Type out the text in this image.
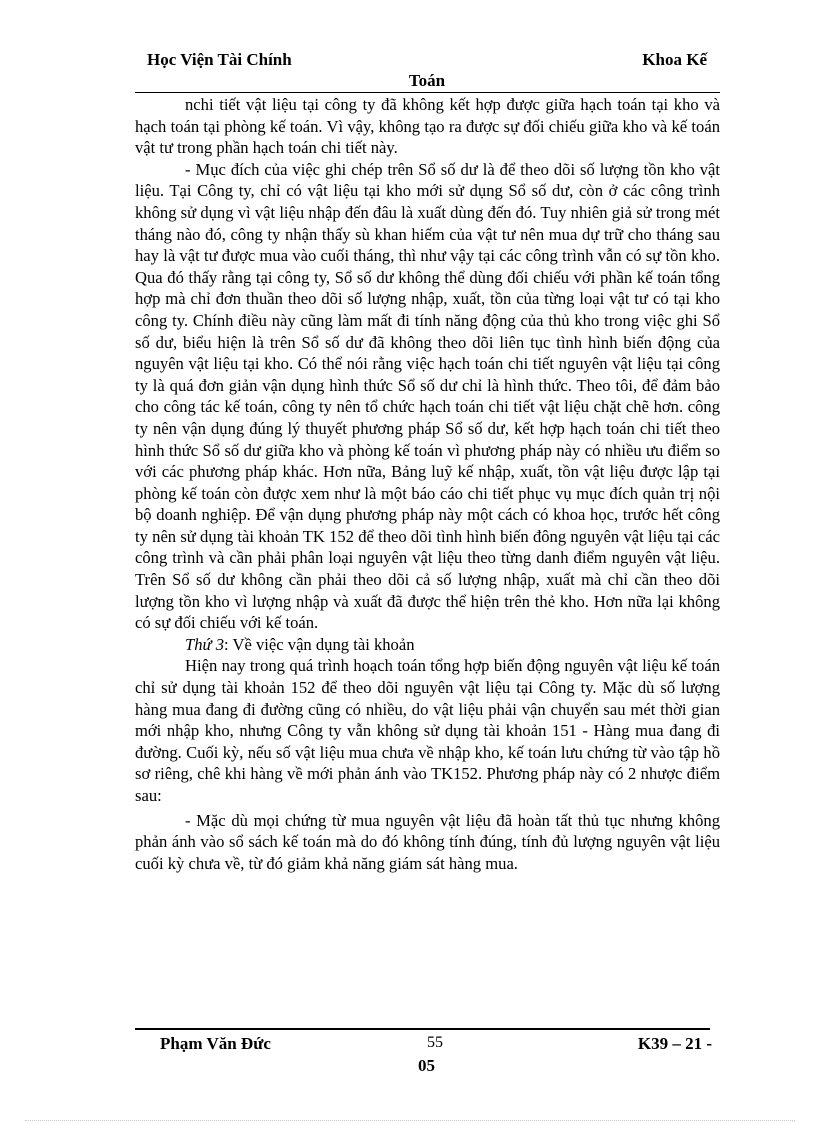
Học Viện Tài Chính	Khoa Kế
Toán

nchi tiết vật liệu tại công ty đã không kết hợp được giữa hạch toán tại kho và hạch toán tại phòng kế toán. Vì vậy, không tạo ra được sự đối chiếu giữa kho và kế toán vật tư trong phần hạch toán chi tiết này.

- Mục đích của việc ghi chép trên Sổ số dư là để theo dõi số lượng tồn kho vật liệu. Tại Công ty, chỉ có vật liệu tại kho mới sử dụng Sổ số dư, còn ở các công trình không sử dụng vì vật liệu nhập đến đâu là xuất dùng đến đó. Tuy nhiên giả sử trong mét tháng nào đó, công ty nhận thấy sù khan hiếm của vật tư nên mua dự trữ cho tháng sau hay là vật tư được mua vào cuối tháng, thì như vậy tại các công trình vẫn có sự tồn kho. Qua đó thấy rằng tại công ty, Sổ số dư không thể dùng đối chiếu với phần kế toán tổng hợp mà chỉ đơn thuần theo dõi số lượng nhập, xuất, tồn của từng loại vật tư có tại kho công ty. Chính điều này cũng làm mất đi tính năng động của thủ kho trong việc ghi Sổ số dư, biểu hiện là trên Sổ số dư đã không theo dõi liên tục tình hình biến động của nguyên vật liệu tại kho. Có thể nói rằng việc hạch toán chi tiết nguyên vật liệu tại công ty là quá đơn giản vận dụng hình thức Sổ số dư chỉ là hình thức. Theo tôi, để đảm bảo cho công tác kế toán, công ty nên tổ chức hạch toán chi tiết vật liệu chặt chẽ hơn. công ty nên vận dụng đúng lý thuyết phương pháp Sổ số dư, kết hợp hạch toán chi tiết theo hình thức Sổ số dư giữa kho và phòng kế toán vì phương pháp này có nhiều ưu điểm so với các phương pháp khác. Hơn nữa, Bảng luỹ kế nhập, xuất, tồn vật liệu được lập tại phòng kế toán còn được xem như là một báo cáo chi tiết phục vụ mục đích quản trị nội bộ doanh nghiệp. Để vận dụng phương pháp này một cách có khoa học, trước hết công ty nên sử dụng tài khoản TK 152 để theo dõi tình hình biến đông nguyên vật liệu tại các công trình và cần phải phân loại nguyên vật liệu theo từng danh điểm nguyên vật liệu. Trên Sổ số dư không cần phải theo dõi cả số lượng nhập, xuất mà chỉ cần theo dõi lượng tồn kho vì lượng nhập và xuất đã được thể hiện trên thẻ kho. Hơn nữa lại không có sự đối chiếu với kế toán.

Thứ 3: Về việc vận dụng tài khoản

Hiện nay trong quá trình hoạch toán tổng hợp biến động nguyên vật liệu kế toán chỉ sử dụng tài khoản 152 để theo dõi nguyên vật liệu tại Công ty. Mặc dù số lượng hàng mua đang đi đường cũng có nhiều, do vật liệu phải vận chuyển sau mét thời gian mới nhập kho, nhưng Công ty vẫn không sử dụng tài khoản 151 - Hàng mua đang đi đường. Cuối kỳ, nếu số vật liệu mua chưa về nhập kho, kế toán lưu chứng từ vào tập hồ sơ riêng, chê khi hàng về mới phản ánh vào TK152. Phương pháp này có 2 nhược điểm sau:

- Mặc dù mọi chứng từ mua nguyên vật liệu đã hoàn tất thủ tục nhưng không phản ánh vào sổ sách kế toán mà do đó không tính đúng, tính đủ lượng nguyên vật liệu cuối kỳ chưa về, từ đó giảm khả năng giám sát hàng mua.

Phạm Văn Đức	55	K39 – 21 -
05
